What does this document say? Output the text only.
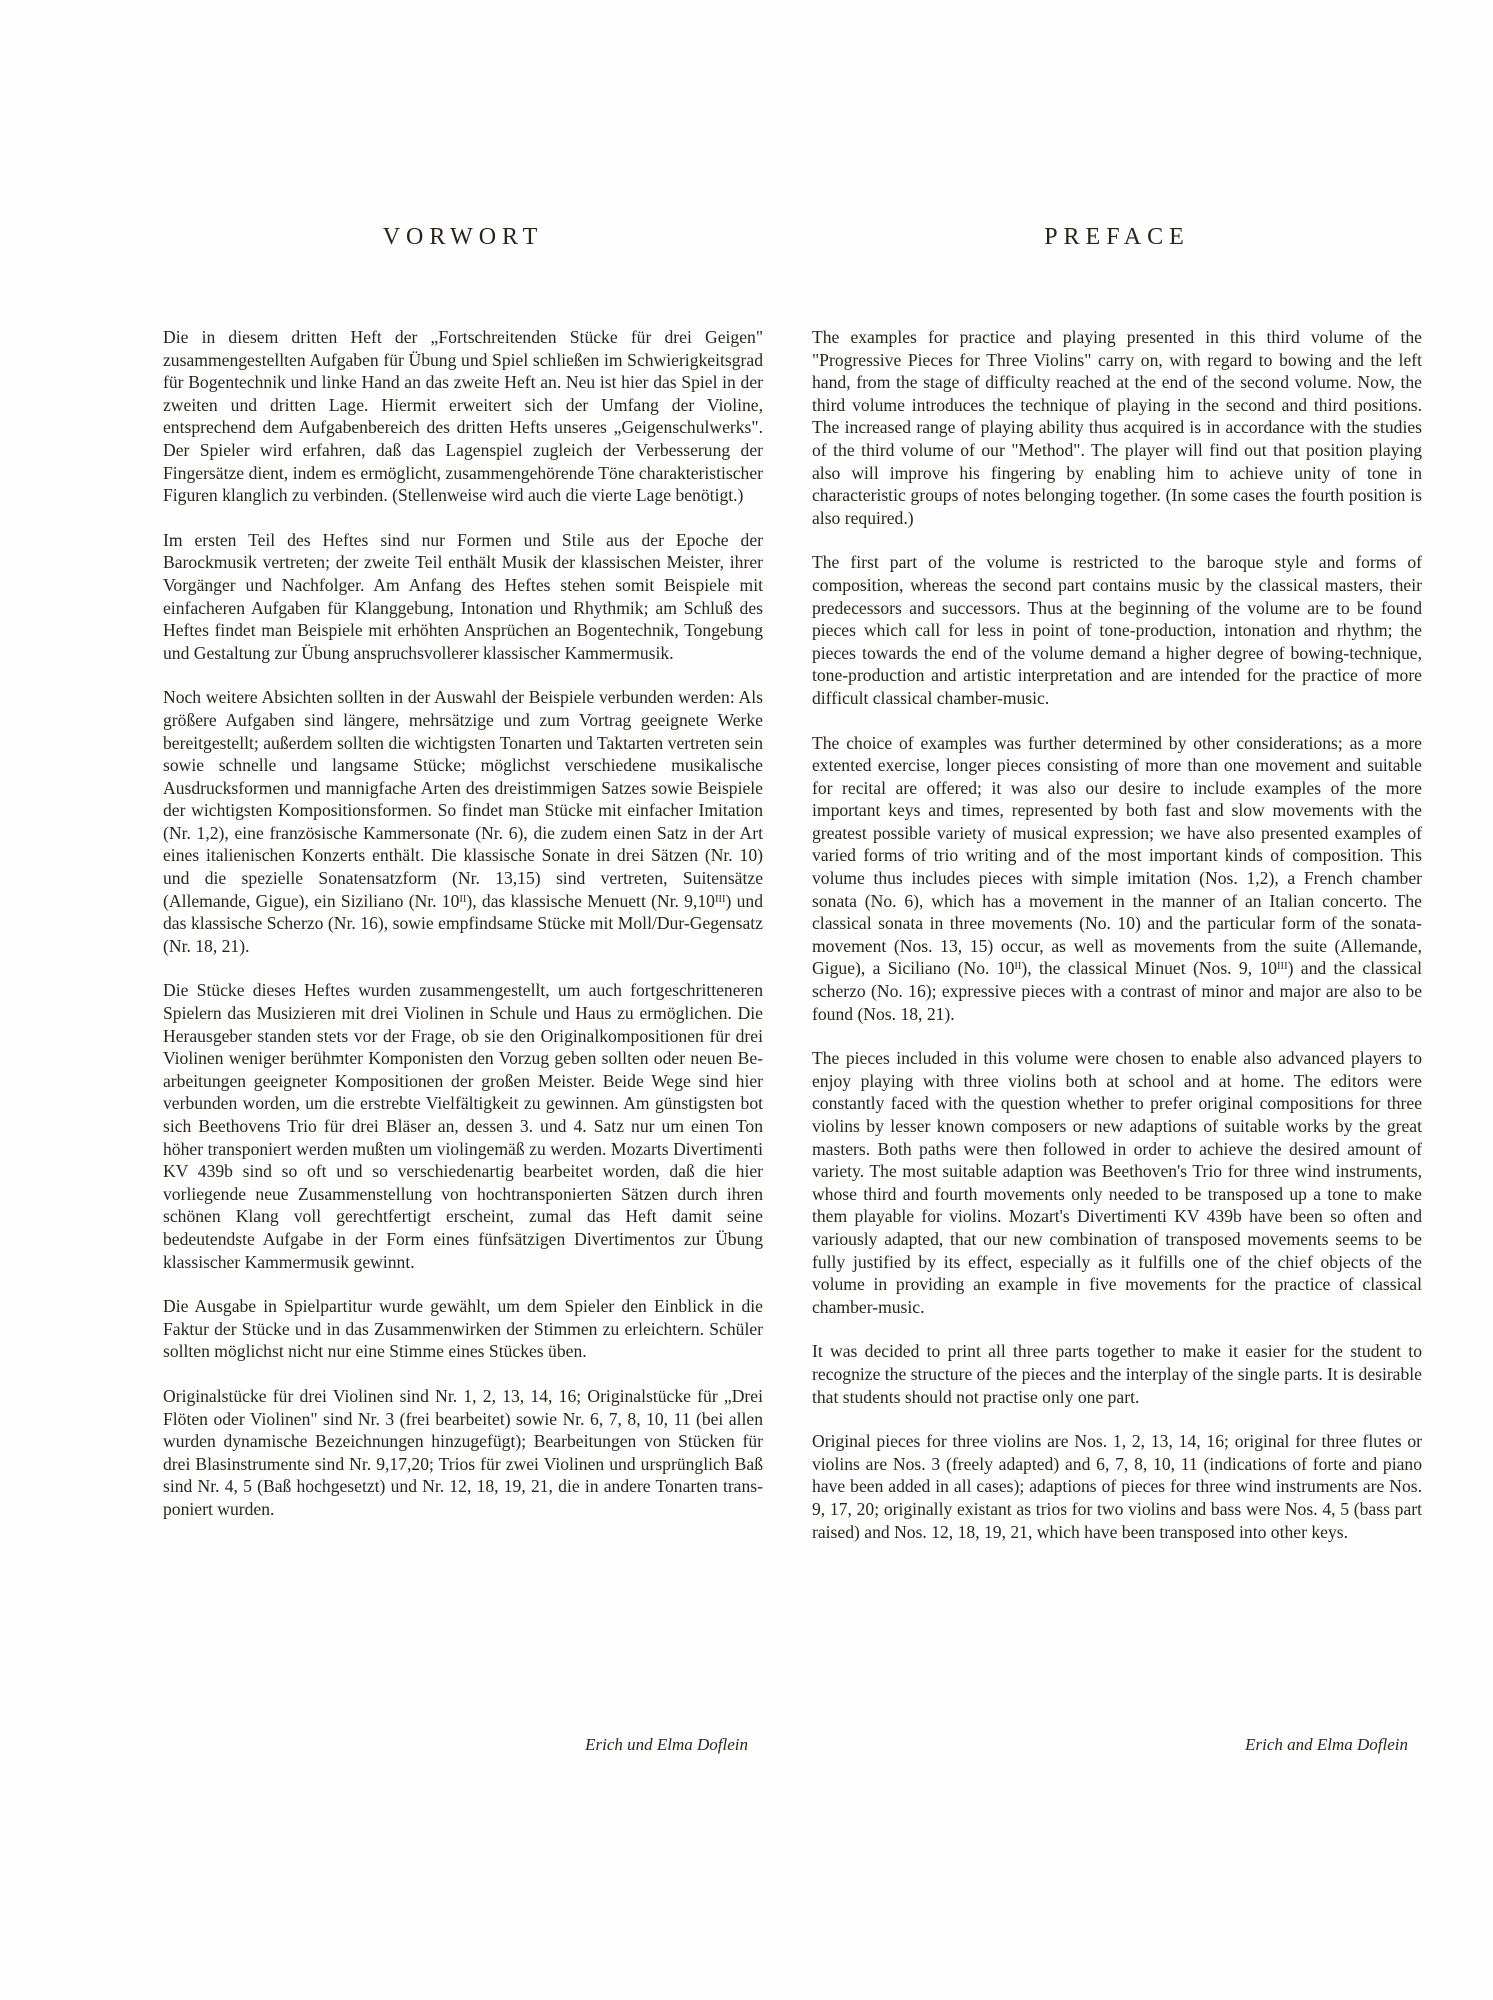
VORWORT

Die in diesem dritten Heft der „Fortschreitenden Stücke für drei Geigen" zusammengestellten Aufgaben für Übung und Spiel schließen im Schwierigkeitsgrad für Bogentechnik und linke Hand an das zweite Heft an. Neu ist hier das Spiel in der zweiten und dritten Lage. Hiermit erweitert sich der Umfang der Violine, entsprechend dem Aufgabenbereich des dritten Hefts unseres „Geigenschulwerks". Der Spieler wird erfahren, daß das Lagenspiel zugleich der Verbesserung der Fingersätze dient, indem es ermöglicht, zusammengehörende Töne charakteristischer Figuren klanglich zu verbinden. (Stellenweise wird auch die vierte Lage benötigt.)

Im ersten Teil des Heftes sind nur Formen und Stile aus der Epoche der Barockmusik vertreten; der zweite Teil enthält Musik der klassischen Meister, ihrer Vorgänger und Nachfolger. Am Anfang des Heftes stehen somit Beispiele mit einfacheren Aufgaben für Klanggebung, Intonation und Rhythmik; am Schluß des Heftes findet man Beispiele mit erhöhten Ansprüchen an Bogentechnik, Tongebung und Gestaltung zur Übung anspruchsvollerer klassischer Kammermusik.

Noch weitere Absichten sollten in der Auswahl der Beispiele verbunden werden: Als größere Aufgaben sind längere, mehrsätzige und zum Vortrag geeignete Werke bereitgestellt; außerdem sollten die wichtigsten Tonarten und Taktarten vertreten sein sowie schnelle und langsame Stücke; möglichst verschiedene musikalische Ausdrucksformen und mannigfache Arten des dreistimmigen Satzes sowie Beispiele der wichtigsten Kompositionsformen. So findet man Stücke mit einfacher Imitation (Nr. 1,2), eine französische Kammersonate (Nr. 6), die zudem einen Satz in der Art eines italienischen Konzerts enthält. Die klassische Sonate in drei Sätzen (Nr. 10) und die spezielle Sonatensatzform (Nr. 13,15) sind vertreten, Suitensätze (Allemande, Gigue), ein Siziliano (Nr. 10ᴵᴵ), das klassische Menuett (Nr. 9,10ᴵᴵᴵ) und das klassische Scherzo (Nr. 16), sowie empfindsame Stücke mit Moll/Dur-Gegensatz (Nr. 18, 21).

Die Stücke dieses Heftes wurden zusammengestellt, um auch fortgeschritteneren Spielern das Musizieren mit drei Violinen in Schule und Haus zu ermöglichen. Die Herausgeber standen stets vor der Frage, ob sie den Originalkompositionen für drei Violinen weniger berühmter Komponisten den Vorzug geben sollten oder neuen Bearbeitungen geeigneter Kompositionen der großen Meister. Beide Wege sind hier verbunden worden, um die erstrebte Vielfältigkeit zu gewinnen. Am günstigsten bot sich Beethovens Trio für drei Bläser an, dessen 3. und 4. Satz nur um einen Ton höher transponiert werden mußten um violingemäß zu werden. Mozarts Divertimenti KV 439b sind so oft und so verschiedenartig bearbeitet worden, daß die hier vorliegende neue Zusammenstellung von hochtransponierten Sätzen durch ihren schönen Klang voll gerechtfertigt erscheint, zumal das Heft damit seine bedeutendste Aufgabe in der Form eines fünfsätzigen Divertimentos zur Übung klassischer Kammermusik gewinnt.

Die Ausgabe in Spielpartitur wurde gewählt, um dem Spieler den Einblick in die Faktur der Stücke und in das Zusammenwirken der Stimmen zu erleichtern. Schüler sollten möglichst nicht nur eine Stimme eines Stückes üben.

Originalstücke für drei Violinen sind Nr. 1, 2, 13, 14, 16; Originalstücke für „Drei Flöten oder Violinen" sind Nr. 3 (frei bearbeitet) sowie Nr. 6, 7, 8, 10, 11 (bei allen wurden dynamische Bezeichnungen hinzugefügt); Bearbeitungen von Stücken für drei Blasinstrumente sind Nr. 9,17,20; Trios für zwei Violinen und ursprünglich Baß sind Nr. 4, 5 (Baß hochgesetzt) und Nr. 12, 18, 19, 21, die in andere Tonarten transponiert wurden.

Erich und Elma Doflein

PREFACE

The examples for practice and playing presented in this third volume of the "Progressive Pieces for Three Violins" carry on, with regard to bowing and the left hand, from the stage of difficulty reached at the end of the second volume. Now, the third volume introduces the technique of playing in the second and third positions. The increased range of playing ability thus acquired is in accordance with the studies of the third volume of our "Method". The player will find out that position playing also will improve his fingering by enabling him to achieve unity of tone in characteristic groups of notes belonging together. (In some cases the fourth position is also required.)

The first part of the volume is restricted to the baroque style and forms of composition, whereas the second part contains music by the classical masters, their predecessors and successors. Thus at the beginning of the volume are to be found pieces which call for less in point of tone-production, intonation and rhythm; the pieces towards the end of the volume demand a higher degree of bowing-technique, tone-production and artistic interpretation and are intended for the practice of more difficult classical chamber-music.

The choice of examples was further determined by other considerations; as a more extented exercise, longer pieces consisting of more than one movement and suitable for recital are offered; it was also our desire to include examples of the more important keys and times, represented by both fast and slow movements with the greatest possible variety of musical expression; we have also presented examples of varied forms of trio writing and of the most important kinds of composition. This volume thus includes pieces with simple imitation (Nos. 1,2), a French chamber sonata (No. 6), which has a movement in the manner of an Italian concerto. The classical sonata in three movements (No. 10) and the particular form of the sonata-movement (Nos. 13, 15) occur, as well as movements from the suite (Allemande, Gigue), a Siciliano (No. 10ᴵᴵ), the classical Minuet (Nos. 9, 10ᴵᴵᴵ) and the classical scherzo (No. 16); expressive pieces with a contrast of minor and major are also to be found (Nos. 18, 21).

The pieces included in this volume were chosen to enable also advanced players to enjoy playing with three violins both at school and at home. The editors were constantly faced with the question whether to prefer original compositions for three violins by lesser known composers or new adaptions of suitable works by the great masters. Both paths were then followed in order to achieve the desired amount of variety. The most suitable adaption was Beethoven's Trio for three wind instruments, whose third and fourth movements only needed to be transposed up a tone to make them playable for violins. Mozart's Divertimenti KV 439b have been so often and variously adapted, that our new combination of transposed movements seems to be fully justified by its effect, especially as it fulfills one of the chief objects of the volume in providing an example in five movements for the practice of classical chamber-music.

It was decided to print all three parts together to make it easier for the student to recognize the structure of the pieces and the interplay of the single parts. It is desirable that students should not practise only one part.

Original pieces for three violins are Nos. 1, 2, 13, 14, 16; original for three flutes or violins are Nos. 3 (freely adapted) and 6, 7, 8, 10, 11 (indications of forte and piano have been added in all cases); adaptions of pieces for three wind instruments are Nos. 9, 17, 20; originally existant as trios for two violins and bass were Nos. 4, 5 (bass part raised) and Nos. 12, 18, 19, 21, which have been transposed into other keys.

Erich and Elma Doflein
